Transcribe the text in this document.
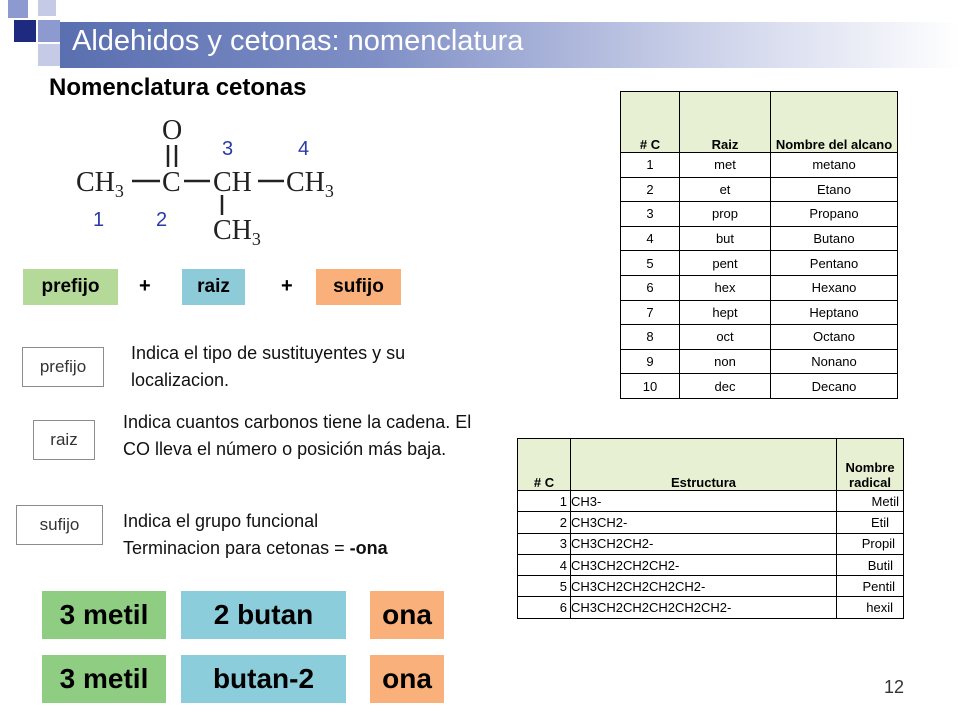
Aldehidos y cetonas: nomenclatura
Nomenclatura cetonas
O
$CH_3$ C CH $CH_3$
$CH_3$
1	2
3	4
prefijo	+	raiz	+	sufijo
prefijo
Indica el tipo de sustituyentes y su localizacion.
raiz
Indica cuantos carbonos tiene la cadena. El CO lleva el número o posición más baja.
sufijo	Indica el grupo funcional
Terminacion para cetonas = -ona
3 metil	2 butan	ona
3 metil	butan-2	ona
# C	Raiz	Nombre del alcano
1	met	metano
2	et	Etano
3	prop	Propano
4	but	Butano
5	pent	Pentano
6	hex	Hexano
7	hept	Heptano
8	oct	Octano
9	non	Nonano
10	dec	Decano
# C	Estructura	Nombre radical
1	CH3-	Metil
2	CH3CH2-	Etil
3	CH3CH2CH2-	Propil
4	CH3CH2CH2CH2-	Butil
5	CH3CH2CH2CH2CH2-	Pentil
6	CH3CH2CH2CH2CH2CH2-	hexil
12
